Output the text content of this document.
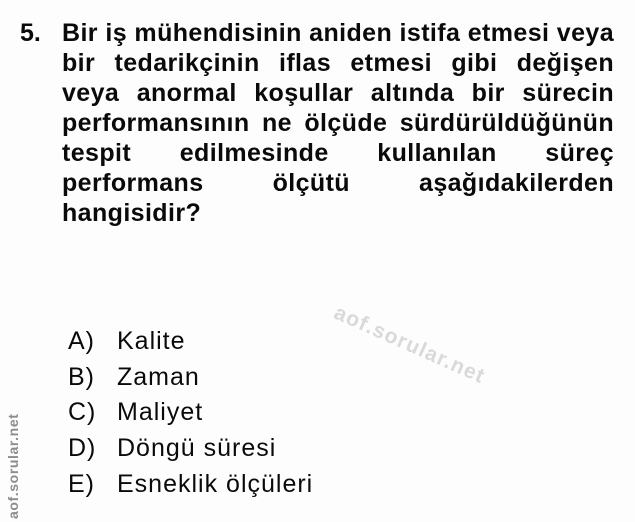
5. Bir iş mühendisinin aniden istifa etmesi veya
bir tedarikçinin iflas etmesi gibi değişen
veya anormal koşullar altında bir sürecin
performansının ne ölçüde sürdürüldüğünün
tespit edilmesinde kullanılan süreç
performans ölçütü aşağıdakilerden
hangisidir?
aof.sorular.net
aof.sorular.net
A) Kalite
B) Zaman
C) Maliyet
D) Döngü süresi
E) Esneklik ölçüleri
